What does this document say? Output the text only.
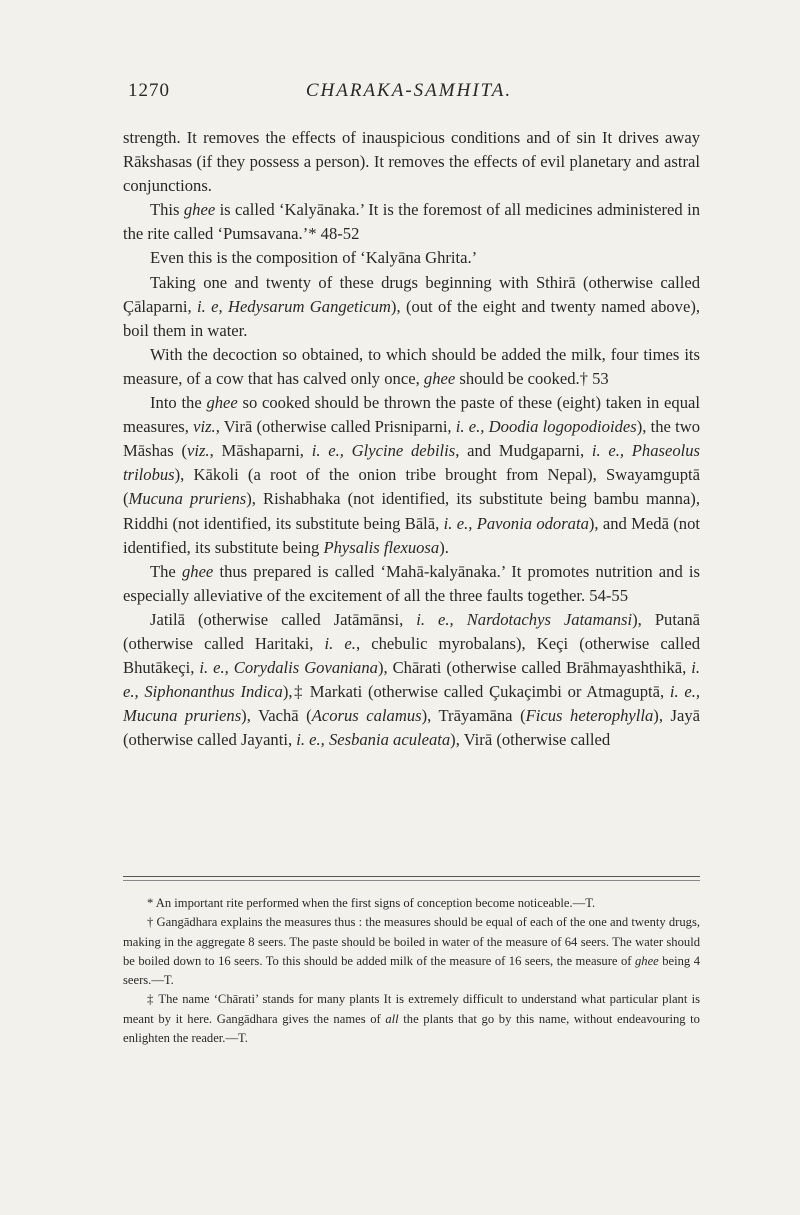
1270	CHARAKA-SAMHITA.

strength. It removes the effects of inauspicious conditions and of sin It drives away Rākshasas (if they possess a person). It removes the effects of evil planetary and astral conjunctions.

This ghee is called ‘Kalyānaka.’ It is the foremost of all medicines administered in the rite called ‘Pumsavana.’* 48-52

Even this is the composition of ‘Kalyāna Ghrita.’

Taking one and twenty of these drugs beginning with Sthirā (otherwise called Çālaparni, i. e, Hedysarum Gangeticum), (out of the eight and twenty named above), boil them in water.

With the decoction so obtained, to which should be added the milk, four times its measure, of a cow that has calved only once, ghee should be cooked.† 53

Into the ghee so cooked should be thrown the paste of these (eight) taken in equal measures, viz., Virā (otherwise called Prisniparni, i. e., Doodia logopodioides), the two Māshas (viz., Māshaparni, i. e., Glycine debilis, and Mudgaparni, i. e., Phaseolus trilobus), Kākoli (a root of the onion tribe brought from Nepal), Swayamguptā (Mucuna pruriens), Rishabhaka (not identified, its substitute being bambu manna), Riddhi (not identified, its substitute being Bālā, i. e., Pavonia odorata), and Medā (not identified, its substitute being Physalis flexuosa).

The ghee thus prepared is called ‘Mahā-kalyānaka.’ It promotes nutrition and is especially alleviative of the excitement of all the three faults together. 54-55

Jatilā (otherwise called Jatāmānsi, i. e., Nardotachys Jatamansi), Putanā (otherwise called Haritaki, i. e., chebulic myrobalans), Keçi (otherwise called Bhutākeçi, i. e., Corydalis Govaniana), Chārati (otherwise called Brāhmayashthikā, i. e., Siphonanthus Indica),‡ Markati (otherwise called Çukaçimbi or Atmaguptā, i. e., Mucuna pruriens), Vachā (Acorus calamus), Trāyamāna (Ficus heterophylla), Jayā (otherwise called Jayanti, i. e., Sesbania aculeata), Virā (otherwise called

* An important rite performed when the first signs of conception become noticeable.—T.

† Gangādhara explains the measures thus : the measures should be equal of each of the one and twenty drugs, making in the aggregate 8 seers. The paste should be boiled in water of the measure of 64 seers. The water should be boiled down to 16 seers. To this should be added milk of the measure of 16 seers, the measure of ghee being 4 seers.—T.

‡ The name ‘Chārati’ stands for many plants It is extremely difficult to understand what particular plant is meant by it here. Gangādhara gives the names of all the plants that go by this name, without endeavouring to enlighten the reader.—T.
